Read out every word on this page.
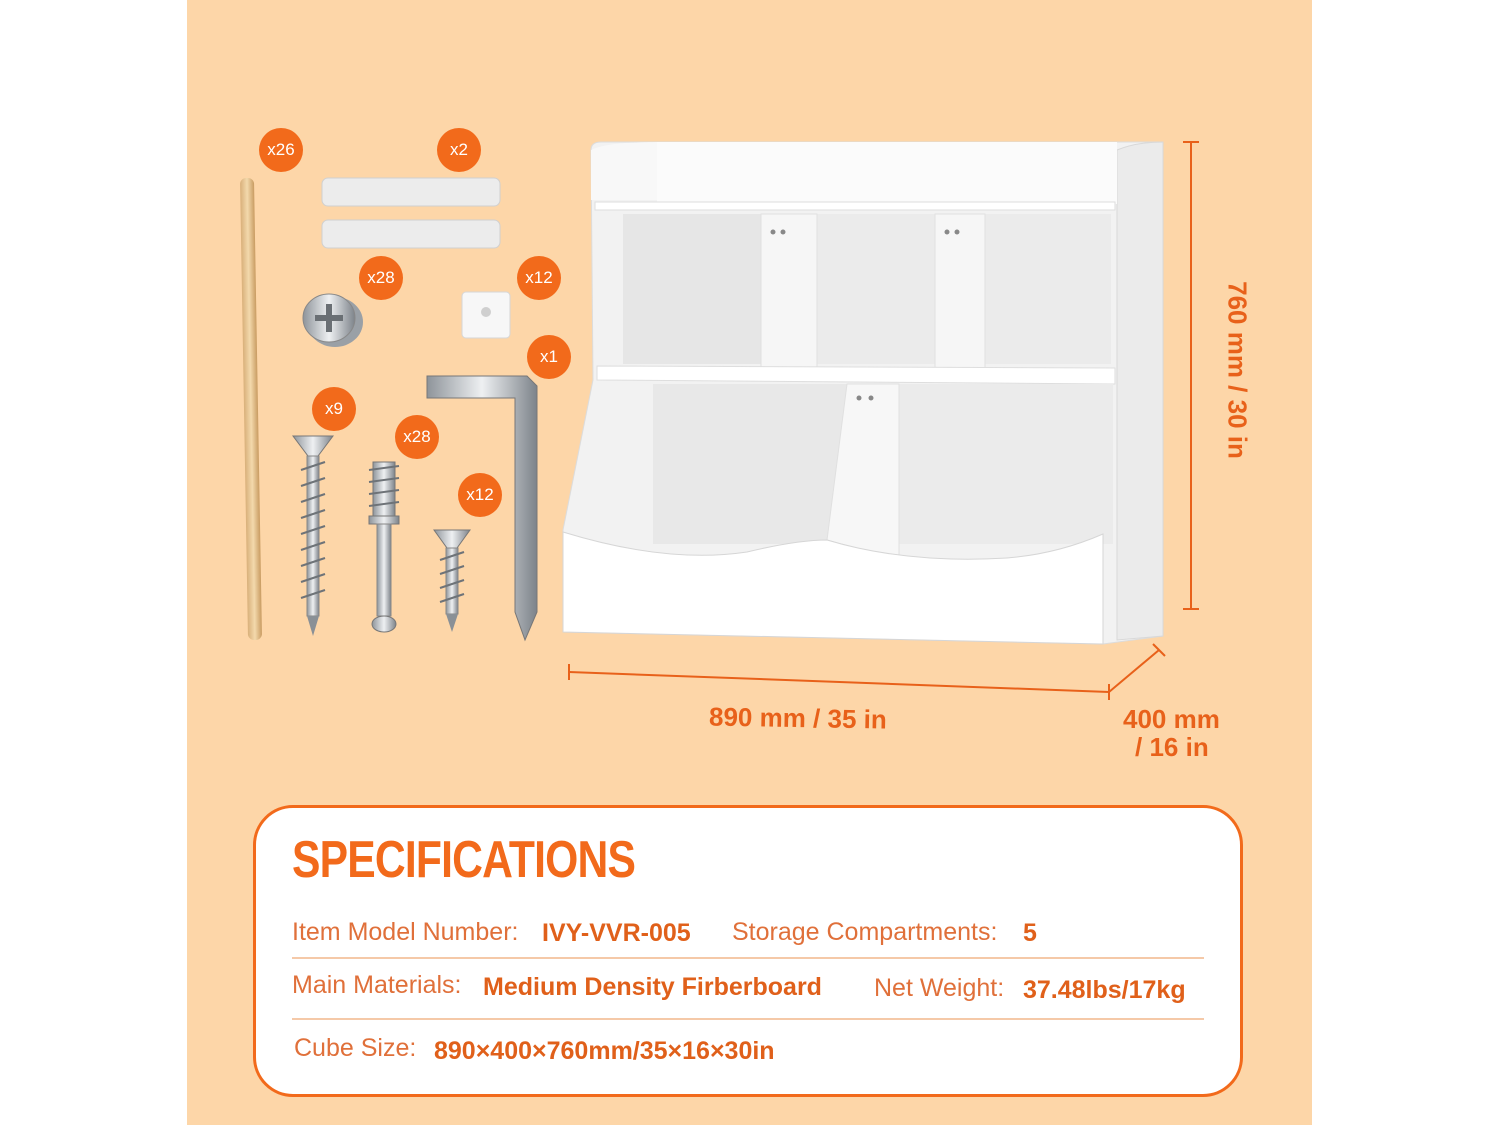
x26	x2
x28	x12
x1
x9
x28
x12
760 mm / 30 in
890 mm / 35 in	400 mm
/ 16 in
SPECIFICATIONS
Item Model Number: IVY-VVR-005 Storage Compartments: 5
Main Materials: Medium Density Firberboard Net Weight: 37.48lbs/17kg
Cube Size: 890×400×760mm/35×16×30in
